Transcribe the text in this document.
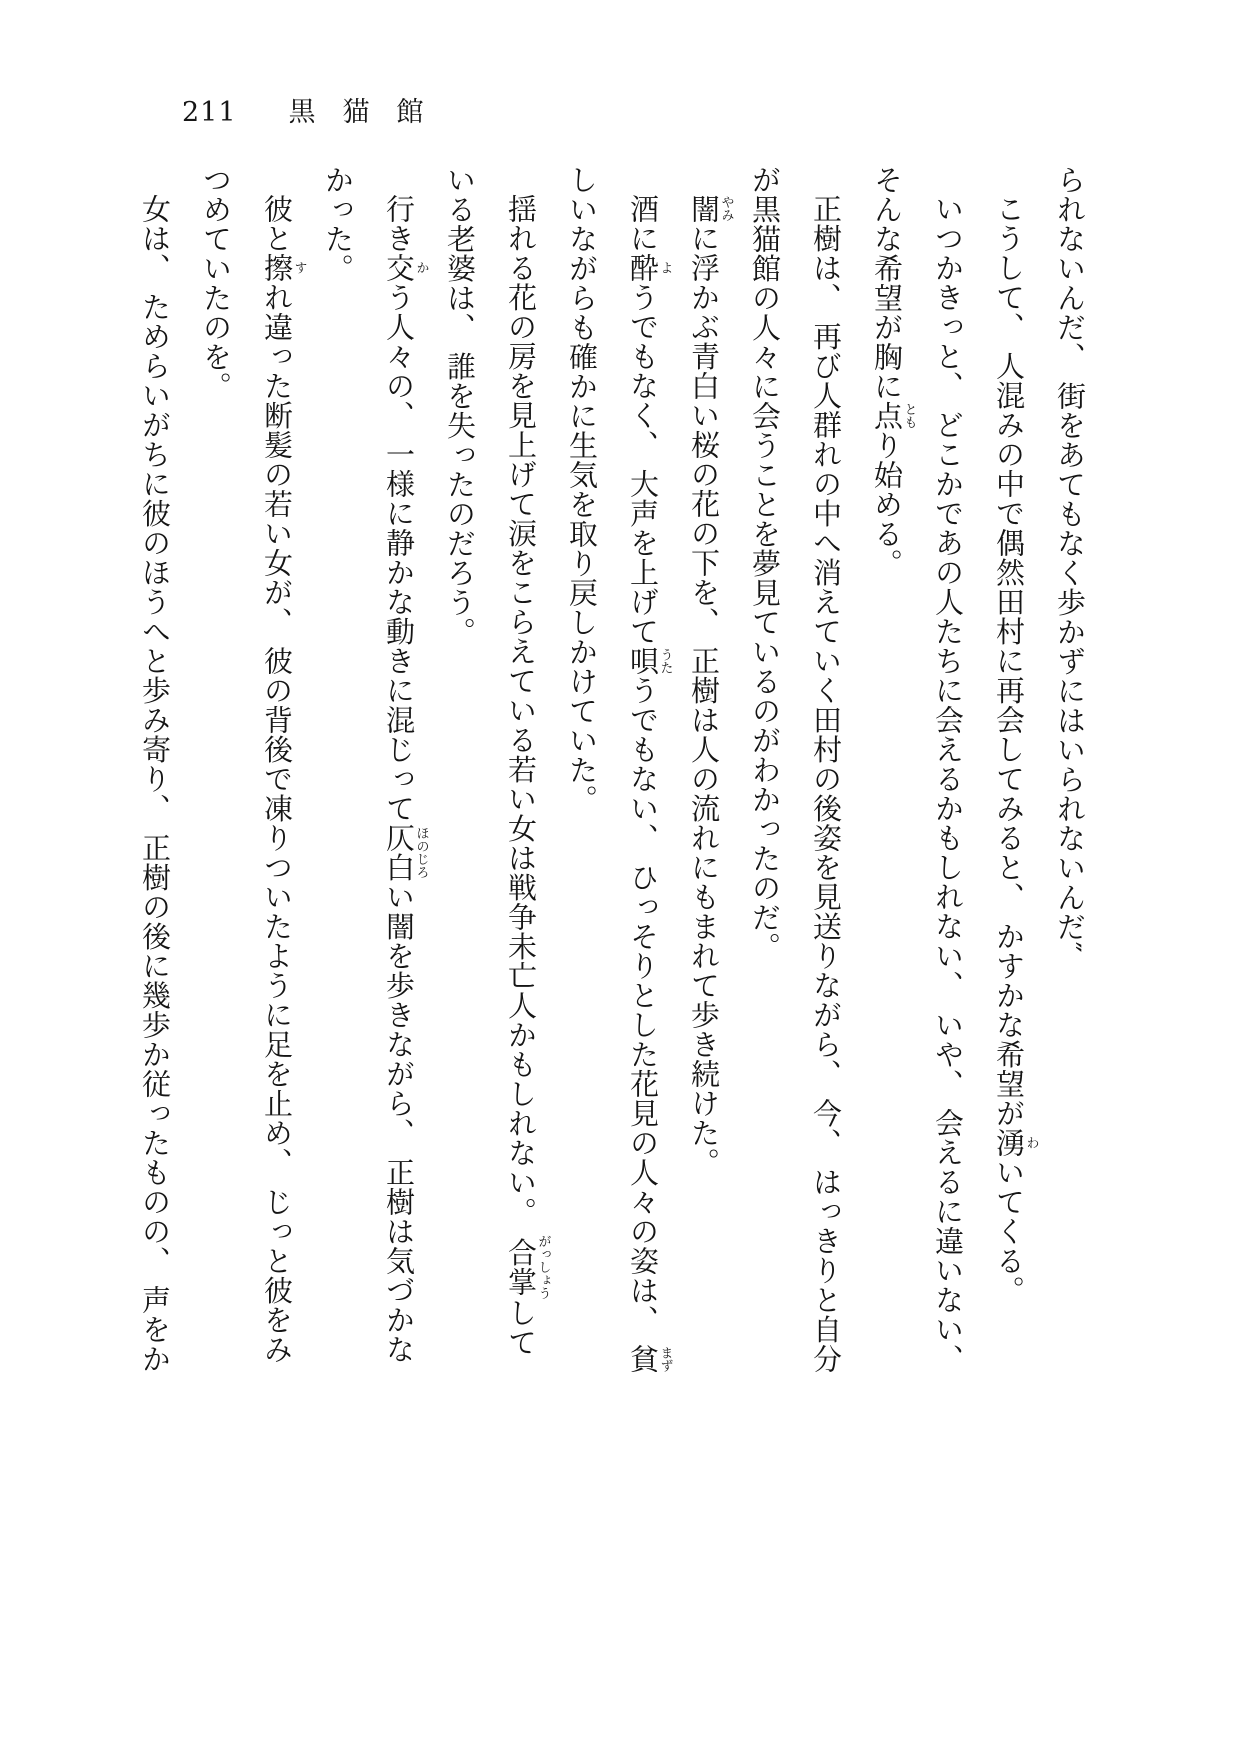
211 黒猫館

られないんだ、 街をあてもなく歩かずにはいられないんだ″

こうして、 人混みの中で偶然田村に再会してみると、 かすかな希望が湧わいてくる。

いつかきっと、 どこかであの人たちに会えるかもしれない、 いや、 会えるに違いない、

そんな希望が胸に点ともり始める。

正樹は、 再び人群れの中へ消えていく田村の後姿を見送りながら、 今、 はっきりと自分

が黒猫館の人々に会うことを夢見ているのがわかったのだ。

闇やみに浮かぶ青白い桜の花の下を、 正樹は人の流れにもまれて歩き続けた。

酒に酔ようでもなく、 大声を上げて唄うたうでもない、 ひっそりとした花見の人々の姿は、 貧まず

しいながらも確かに生気を取り戻しかけていた。

揺れる花の房を見上げて涙をこらえている若い女は戦争未亡人かもしれない。 合掌がっしょうして

いる老婆は、 誰を失ったのだろう。

行き交かう人々の、 一様に静かな動きに混じって仄白ほのじろい闇を歩きながら、 正樹は気づかな

かった。

彼と擦すれ違った断髪の若い女が、 彼の背後で凍りついたように足を止め、 じっと彼をみ

つめていたのを。

女は、 ためらいがちに彼のほうへと歩み寄り、 正樹の後に幾歩か従ったものの、 声をか
